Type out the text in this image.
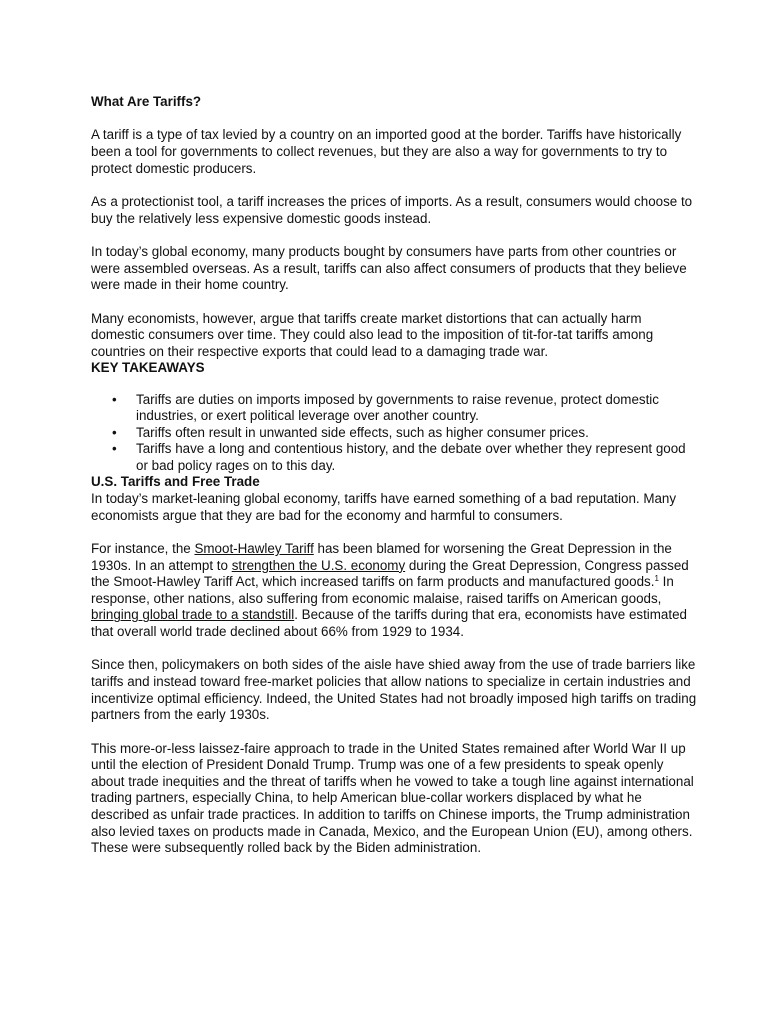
What Are Tariffs?

A tariff is a type of tax levied by a country on an imported good at the border. Tariffs have historically been a tool for governments to collect revenues, but they are also a way for governments to try to protect domestic producers.

As a protectionist tool, a tariff increases the prices of imports. As a result, consumers would choose to buy the relatively less expensive domestic goods instead.

In today’s global economy, many products bought by consumers have parts from other countries or were assembled overseas. As a result, tariffs can also affect consumers of products that they believe were made in their home country.

Many economists, however, argue that tariffs create market distortions that can actually harm domestic consumers over time. They could also lead to the imposition of tit-for-tat tariffs among countries on their respective exports that could lead to a damaging trade war.

KEY TAKEAWAYS
• Tariffs are duties on imports imposed by governments to raise revenue, protect domestic industries, or exert political leverage over another country.
• Tariffs often result in unwanted side effects, such as higher consumer prices.
• Tariffs have a long and contentious history, and the debate over whether they represent good or bad policy rages on to this day.
U.S. Tariffs and Free Trade

In today’s market-leaning global economy, tariffs have earned something of a bad reputation. Many economists argue that they are bad for the economy and harmful to consumers.

For instance, the Smoot-Hawley Tariff has been blamed for worsening the Great Depression in the 1930s. In an attempt to strengthen the U.S. economy during the Great Depression, Congress passed the Smoot-Hawley Tariff Act, which increased tariffs on farm products and manufactured goods.$^1$ In response, other nations, also suffering from economic malaise, raised tariffs on American goods, bringing global trade to a standstill. Because of the tariffs during that era, economists have estimated that overall world trade declined about 66% from 1929 to 1934.

Since then, policymakers on both sides of the aisle have shied away from the use of trade barriers like tariffs and instead toward free-market policies that allow nations to specialize in certain industries and incentivize optimal efficiency. Indeed, the United States had not broadly imposed high tariffs on trading partners from the early 1930s.

This more-or-less laissez-faire approach to trade in the United States remained after World War II up until the election of President Donald Trump. Trump was one of a few presidents to speak openly about trade inequities and the threat of tariffs when he vowed to take a tough line against international trading partners, especially China, to help American blue-collar workers displaced by what he described as unfair trade practices. In addition to tariffs on Chinese imports, the Trump administration also levied taxes on products made in Canada, Mexico, and the European Union (EU), among others. These were subsequently rolled back by the Biden administration.
